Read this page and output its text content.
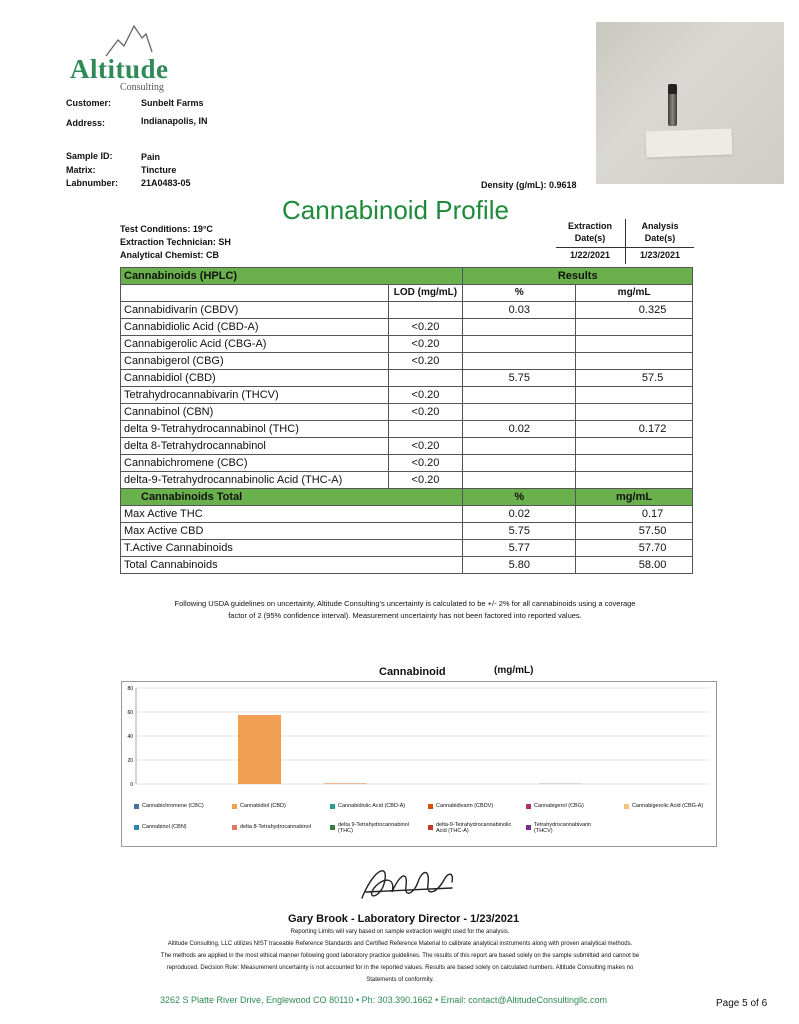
Altitude
Consulting
Customer:	Sunbelt Farms
Address:	Indianapolis, IN
Sample ID:	Pain
Matrix:	Tincture
Labnumber:	21A0483-05	Density (g/mL): 0.9618
Cannabinoid Profile
Test Conditions: 19°C
Extraction Technician: SH
Analytical Chemist: CB
Extraction
Date(s)
Analysis
Date(s)
1/22/2021	1/23/2021
Cannabinoids (HPLC)		Results	
	LOD (mg/mL)	%	mg/mL
Cannabidivarin (CBDV)		0.03	0.325
Cannabidiolic Acid (CBD-A)	<0.20		
Cannabigerolic Acid (CBG-A)	<0.20		
Cannabigerol (CBG)	<0.20		
Cannabidiol (CBD)		5.75	57.5
Tetrahydrocannabivarin (THCV)	<0.20		
Cannabinol (CBN)	<0.20		
delta 9-Tetrahydrocannabinol (THC)		0.02	0.172
delta 8-Tetrahydrocannabinol	<0.20		
Cannabichromene (CBC)	<0.20		
delta-9-Tetrahydrocannabinolic Acid (THC-A)	<0.20		
Cannabinoids Total		%	mg/mL
Max Active THC		0.02	0.17
Max Active CBD		5.75	57.50
T.Active Cannabinoids		5.77	57.70
Total Cannabinoids		5.80	58.00
Following USDA guidelines on uncertainty, Altitude Consulting's uncertainty is calculated to be +/- 2% for all cannabinoids using a coverage
factor of 2 (95% confidence interval). Measurement uncertainty has not been factored into reported values.
Cannabinoid	(mg/mL)
0
20
40
60
80
Cannabichromene (CBC)	Cannabidiol (CBD)	Cannabidiolic Acid (CBD-A)	Cannabidivarin (CBDV)	Cannabigerol (CBG)	Cannabigerolic Acid (CBG-A)
Cannabinol (CBN)	delta 8-Tetrahydrocannabinol	delta 9-Tetrahydrocannabinol
(THC)
delta-9-Tetrahydrocannabinolic
Acid (THC-A)
Tetrahydrocannabivarin
(THCV)
Gary Brook - Laboratory Director - 1/23/2021
Reporting Limits will vary based on sample extraction weight used for the analysis.
Altitude Consulting, LLC utilizes NIST traceable Reference Standards and Certified Reference Material to calibrate analytical instruments along with proven analytical methods.
The methods are applied in the most ethical manner following good laboratory practice guidelines. The results of this report are based solely on the sample submitted and cannot be
reproduced. Decision Rule: Measurement uncertainty is not accounted for in the reported values. Results are based solely on calculated numbers. Altitude Consulting makes no
Statements of conformity.
3262 S Platte River Drive, Englewood CO 80110 • Ph: 303.390.1662 • Email: contact@AltitudeConsultingllc.com	Page 5 of 6
